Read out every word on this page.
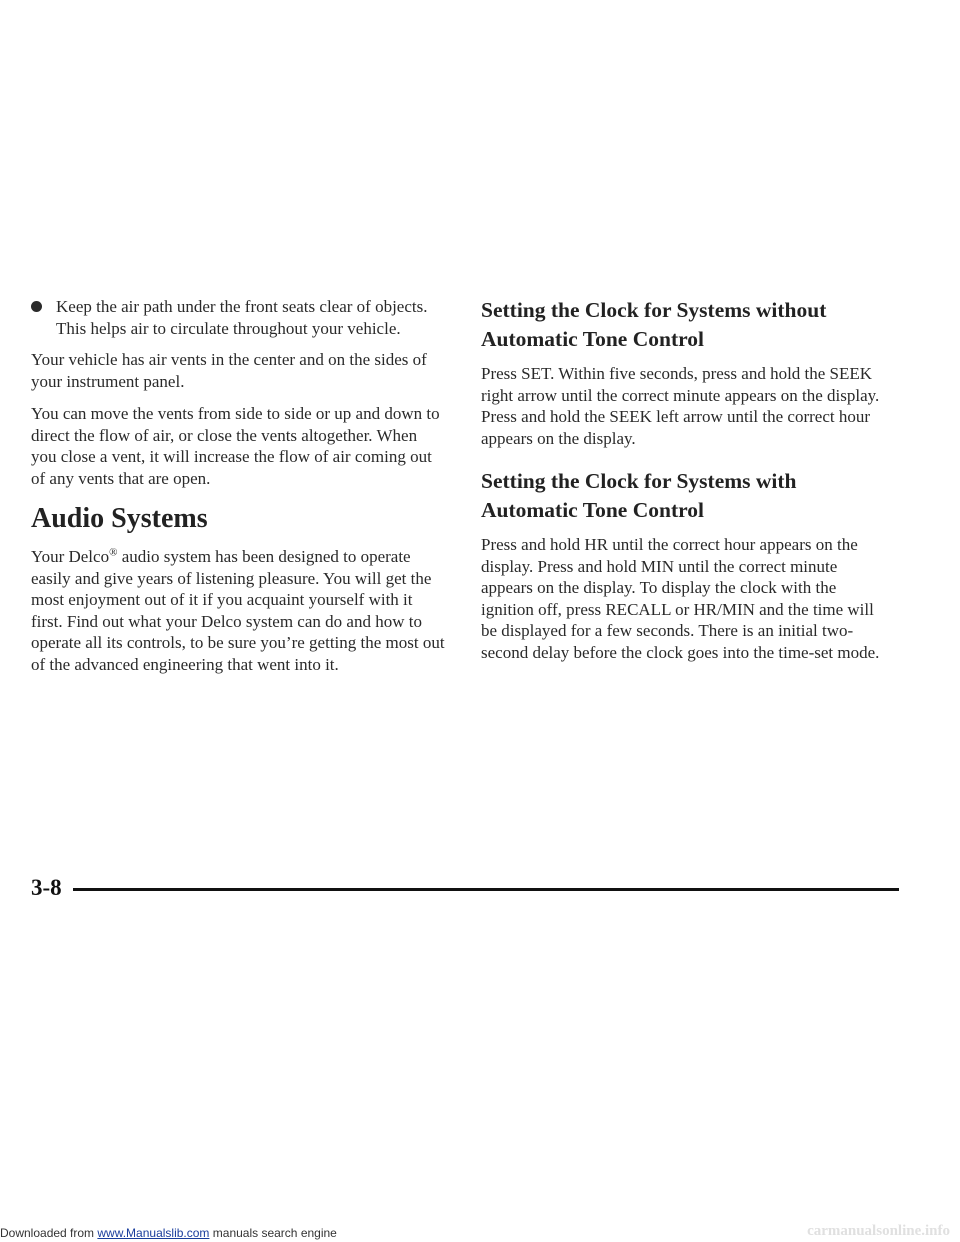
Keep the air path under the front seats clear of objects. This helps air to circulate throughout your vehicle.

Your vehicle has air vents in the center and on the sides of your instrument panel.

You can move the vents from side to side or up and down to direct the flow of air, or close the vents altogether. When you close a vent, it will increase the flow of air coming out of any vents that are open.

Audio Systems

Your Delco® audio system has been designed to operate easily and give years of listening pleasure. You will get the most enjoyment out of it if you acquaint yourself with it first. Find out what your Delco system can do and how to operate all its controls, to be sure you’re getting the most out of the advanced engineering that went into it.

Setting the Clock for Systems without Automatic Tone Control

Press SET. Within five seconds, press and hold the SEEK right arrow until the correct minute appears on the display. Press and hold the SEEK left arrow until the correct hour appears on the display.

Setting the Clock for Systems with Automatic Tone Control

Press and hold HR until the correct hour appears on the display. Press and hold MIN until the correct minute appears on the display. To display the clock with the ignition off, press RECALL or HR/MIN and the time will be displayed for a few seconds. There is an initial two-second delay before the clock goes into the time-set mode.

3-8
Downloaded from www.Manualslib.com manuals search engine	carmanualsonline.info
